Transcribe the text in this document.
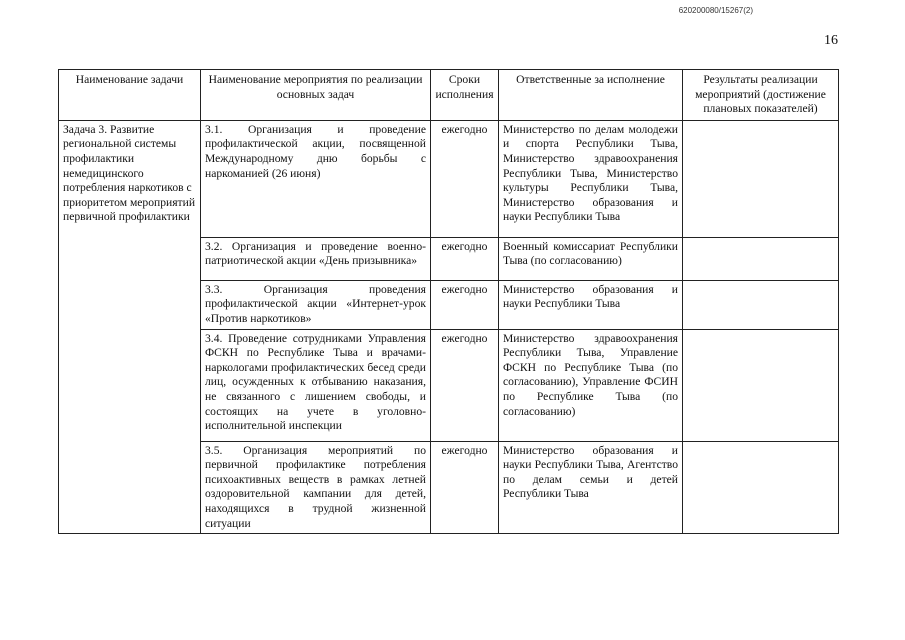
620200080/15267(2)
16
Наименование задачи	Наименование мероприятия по реализации основных задач	Сроки исполнения	Ответственные за исполнение	Результаты реализации мероприятий (достижение плановых показателей)
Задача 3. Развитие региональной системы профилактики немедицинского потребления наркотиков с приоритетом мероприятий первичной профилактики	3.1. Организация и проведение профилактической акции, посвященной Международному дню борьбы с наркоманией (26 июня)	ежегодно	Министерство по делам молодежи и спорта Республики Тыва, Министерство здравоохранения Республики Тыва, Министерство культуры Республики Тыва, Министерство образования и науки Республики Тыва	
	3.2. Организация и проведение военно-патриотической акции «День призывника»	ежегодно	Военный комиссариат Республики Тыва (по согласованию)	
	3.3. Организация проведения профилактической акции «Интернет-урок «Против наркотиков»	ежегодно	Министерство образования и науки Республики Тыва	
	3.4. Проведение сотрудниками Управления ФСКН по Республике Тыва и врачами-наркологами профилактических бесед среди лиц, осужденных к отбыванию наказания, не связанного с лишением свободы, и состоящих на учете в уголовно-исполнительной инспекции	ежегодно	Министерство здравоохранения Республики Тыва, Управление ФСКН по Республике Тыва (по согласованию), Управление ФСИН по Республике Тыва (по согласованию)	
	3.5. Организация мероприятий по первичной профилактике потребления психоактивных веществ в рамках летней оздоровительной кампании для детей, находящихся в трудной жизненной ситуации	ежегодно	Министерство образования и науки Республики Тыва, Агентство по делам семьи и детей Республики Тыва	
